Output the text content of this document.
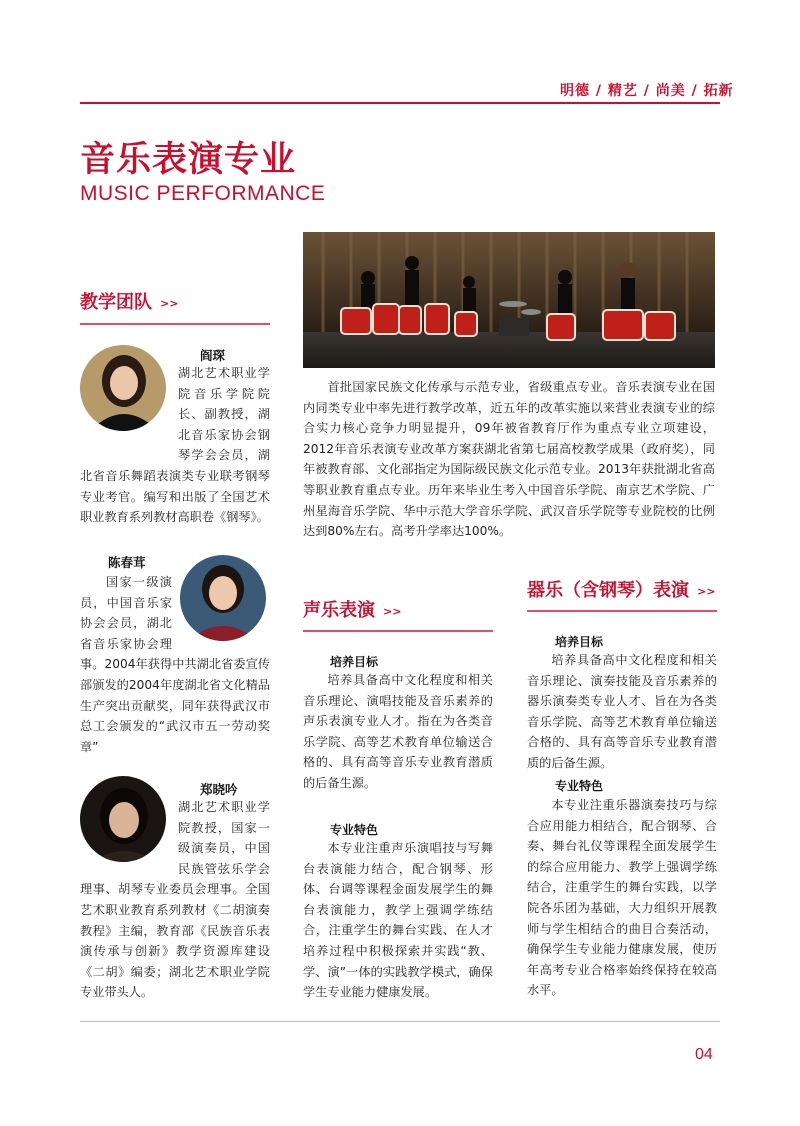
明德 / 精艺 / 尚美 / 拓新
音乐表演专业
MUSIC PERFORMANCE
首批国家民族文化传承与示范专业，省级重点专业。音乐表演专业在国内同类专业中率先进行教学改革，近五年的改革实施以来营业表演专业的综合实力核心竞争力明显提升，09年被省教育厅作为重点专业立项建设，2012年音乐表演专业改革方案获湖北省第七届高校教学成果（政府奖），同年被教育部、文化部指定为国际级民族文化示范专业。2013年获批湖北省高等职业教育重点专业。历年来毕业生考入中国音乐学院、南京艺术学院、广州星海音乐学院、华中示范大学音乐学院、武汉音乐学院等专业院校的比例达到80%左右。高考升学率达100%。
教学团队 >>
阎琛
湖北艺术职业学院音乐学院院长、副教授，湖北音乐家协会钢琴学会会员，湖北省音乐舞蹈表演类专业联考钢琴专业考官。编写和出版了全国艺术职业教育系列教材高职卷《钢琴》。
陈春茸
国家一级演员，中国音乐家协会会员，湖北省音乐家协会理事。2004年获得中共湖北省委宣传部颁发的2004年度湖北省文化精品生产突出贡献奖，同年获得武汉市总工会颁发的“武汉市五一劳动奖章”
郑晓吟
湖北艺术职业学院教授，国家一级演奏员，中国民族管弦乐学会理事、胡琴专业委员会理事。全国艺术职业教育系列教材《二胡演奏教程》主编，教育部《民族音乐表演传承与创新》教学资源库建设《二胡》编委；湖北艺术职业学院专业带头人。
声乐表演 >>
培养目标
培养具备高中文化程度和相关音乐理论、演唱技能及音乐素养的声乐表演专业人才。指在为各类音乐学院、高等艺术教育单位输送合格的、具有高等音乐专业教育潜质的后备生源。
专业特色
本专业注重声乐演唱技与写舞台表演能力结合，配合钢琴、形体、台调等课程金面发展学生的舞台表演能力，教学上强调学练结合，注重学生的舞台实践、在人才培养过程中积极探索并实践“教、学、演”一体的实践教学模式，确保学生专业能力健康发展。
器乐（含钢琴）表演 >>
培养目标
培养具备高中文化程度和相关音乐理论、演奏技能及音乐素养的器乐演奏类专业人才、旨在为各类音乐学院、高等艺术教育单位输送合格的、具有高等音乐专业教育潜质的后备生源。
专业特色
本专业注重乐器演奏技巧与综合应用能力相结合，配合钢琴、合奏、舞台礼仪等课程全面发展学生的综合应用能力、教学上强调学练结合，注重学生的舞台实践，以学院各乐团为基础，大力组织开展教师与学生相结合的曲目合奏活动，确保学生专业能力健康发展，使历年高考专业合格率始终保持在较高水平。
04
